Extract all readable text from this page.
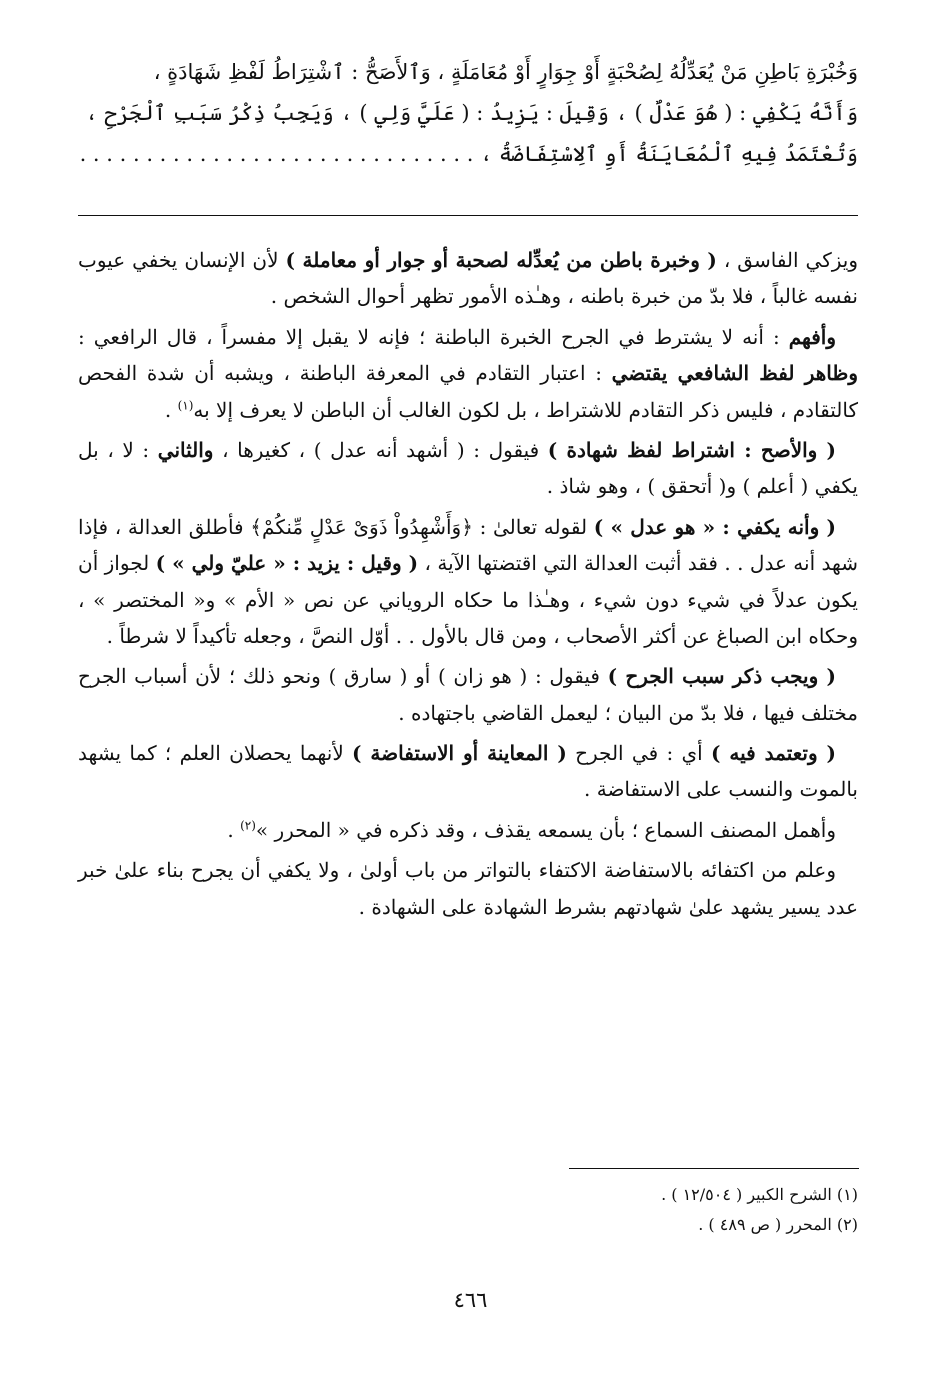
وَخُبْرَةِ بَاطِنِ مَنْ يُعَدِّلُهُ لِصُحْبَةٍ أَوْ جِوَارٍ أَوْ مُعَامَلَةٍ ، وَٱلأَصَحُّ : ٱشْتِرَاطُ لَفْظِ شَهَادَةٍ ،

وَأَنَّهُ يَكْفِي : ( هُوَ عَدْلٌ ) ، وَقِيلَ : يَزِيدُ : ( عَلَيَّ وَلِي ) ، وَيَجِبُ ذِكْرُ سَبَبِ ٱلْجَرْحِ ،

وَتُعْتَمَدُ فِيهِ ٱلْمُعَايَنَةُ أَوِ ٱلِاسْتِفَاضَةُ ، . . . . . . . . . . . . . . . . . . . . . . . . . . . . . .

ويزكي الفاسق ، ( وخبرة باطن من يُعدِّله لصحبة أو جوار أو معاملة ) لأن الإنسان يخفي عيوب نفسه غالباً ، فلا بدّ من خبرة باطنه ، وهـٰذه الأمور تظهر أحوال الشخص .

وأفهم : أنه لا يشترط في الجرح الخبرة الباطنة ؛ فإنه لا يقبل إلا مفسراً ، قال الرافعي : وظاهر لفظ الشافعي يقتضي : اعتبار التقادم في المعرفة الباطنة ، ويشبه أن شدة الفحص كالتقادم ، فليس ذكر التقادم للاشتراط ، بل لكون الغالب أن الباطن لا يعرف إلا به$^{(١)}$ .

( والأصح : اشتراط لفظ شهادة ) فيقول : ( أشهد أنه عدل ) ، كغيرها ، والثاني : لا ، بل يكفي ( أعلم ) و( أتحقق ) ، وهو شاذ .

( وأنه يكفي : « هو عدل » ) لقوله تعالىٰ : ﴿وَأَشْهِدُواْ ذَوَىْ عَدْلٍ مِّنكُمْ﴾ فأطلق العدالة ، فإذا شهد أنه عدل . . فقد أثبت العدالة التي اقتضتها الآية ، ( وقيل : يزيد : « عليّ ولي » ) لجواز أن يكون عدلاً في شيء دون شيء ، وهـٰذا ما حكاه الروياني عن نص « الأم » و« المختصر » ، وحكاه ابن الصباغ عن أكثر الأصحاب ، ومن قال بالأول . . أوّل النصَّ ، وجعله تأكيداً لا شرطاً .

( ويجب ذكر سبب الجرح ) فيقول : ( هو زان ) أو ( سارق ) ونحو ذلك ؛ لأن أسباب الجرح مختلف فيها ، فلا بدّ من البيان ؛ ليعمل القاضي باجتهاده .

( وتعتمد فيه ) أي : في الجرح ( المعاينة أو الاستفاضة ) لأنهما يحصلان العلم ؛ كما يشهد بالموت والنسب على الاستفاضة .

وأهمل المصنف السماع ؛ بأن يسمعه يقذف ، وقد ذكره في « المحرر »$^{(٢)}$ .

وعلم من اكتفائه بالاستفاضة الاكتفاء بالتواتر من باب أولىٰ ، ولا يكفي أن يجرح بناء علىٰ خبر عدد يسير يشهد علىٰ شهادتهم بشرط الشهادة على الشهادة .

(١) الشرح الكبير ( ١٢/٥٠٤ ) .

(٢) المحرر ( ص ٤٨٩ ) .

٤٦٦
